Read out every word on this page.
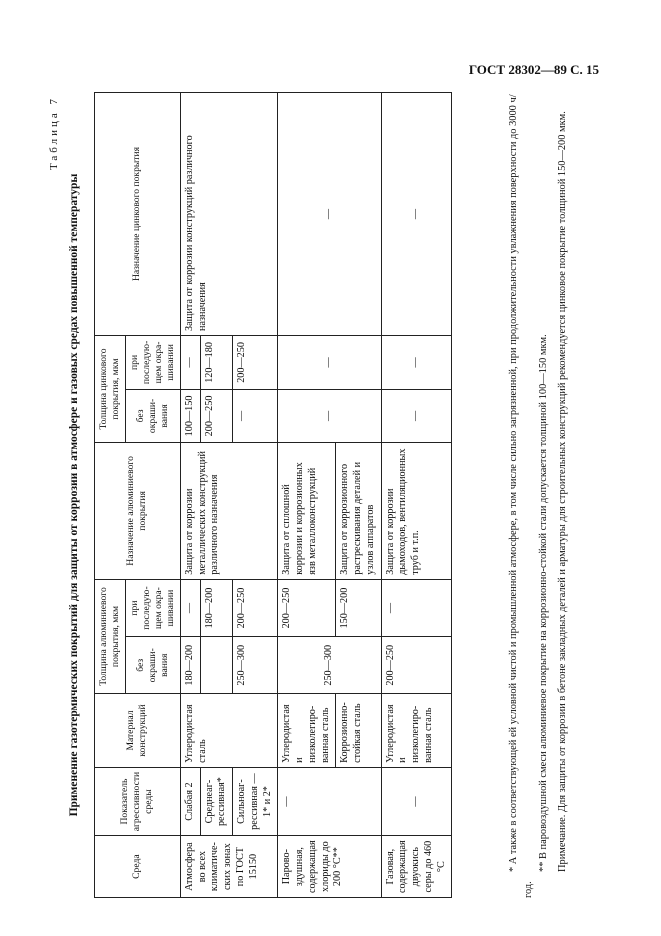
ГОСТ 28302—89 С. 15
Таблица 7
Применение газотермических покрытий для защиты от коррозии в атмосфере и газовых средах повышенной температуры
Среда	Показатель агрессивности среды	Материал конструкций	Толщина алюминиевого покрытия, мкм		Назначение алюминиевого покрытия	Толщина цинкового покрытия, мкм		Назначение цинкового покрытия
			без окрашивания	при последующем окрашивании		без окрашивания	при последующем окрашивании	
Атмосфера во всех климатических зонах по ГОСТ 15150	Слабая 2	Углеродистая сталь	180—200	—	Защита от коррозии металлических конструкций различного назначения	100—150	—	Защита от коррозии конструкций различного назначения
	Среднеагрессивная*			180—200		200—250	120—180	
	Сильноагрессивная — 1* и 2*		250—300	200—250		—	200—250	
Паровоздушная, содержащая хлориды до 200 °С**	—	Углеродистая и низколегированная сталь	250—300	200—250	Защита от сплошной коррозии и коррозионных язв металлоконструкций	—	—	—
		Коррозионностойкая сталь		150—200	Защита от коррозионного растрескивания деталей и узлов аппаратов			
Газовая, содержащая двуокись серы до 460 °С	—	Углеродистая и низколегированная сталь	200—250	—	Защита от коррозии дымоходов, вентиляционных труб и т.п.	—	—	—	* А также в соответствующей ей условной чистой и промышленной атмосфере, в том числе сильно загрязненной, при продолжительности увлажнения поверхности до 3000 ч/год.

** В паровоздушной смеси алюминиевое покрытие на коррозионно-стойкой стали допускается толщиной 100—150 мкм. Примечание. Для защиты от коррозии в бетоне закладных деталей и арматуры для строительных конструкций рекомендуется цинковое покрытие толщиной 150—200 мкм.
